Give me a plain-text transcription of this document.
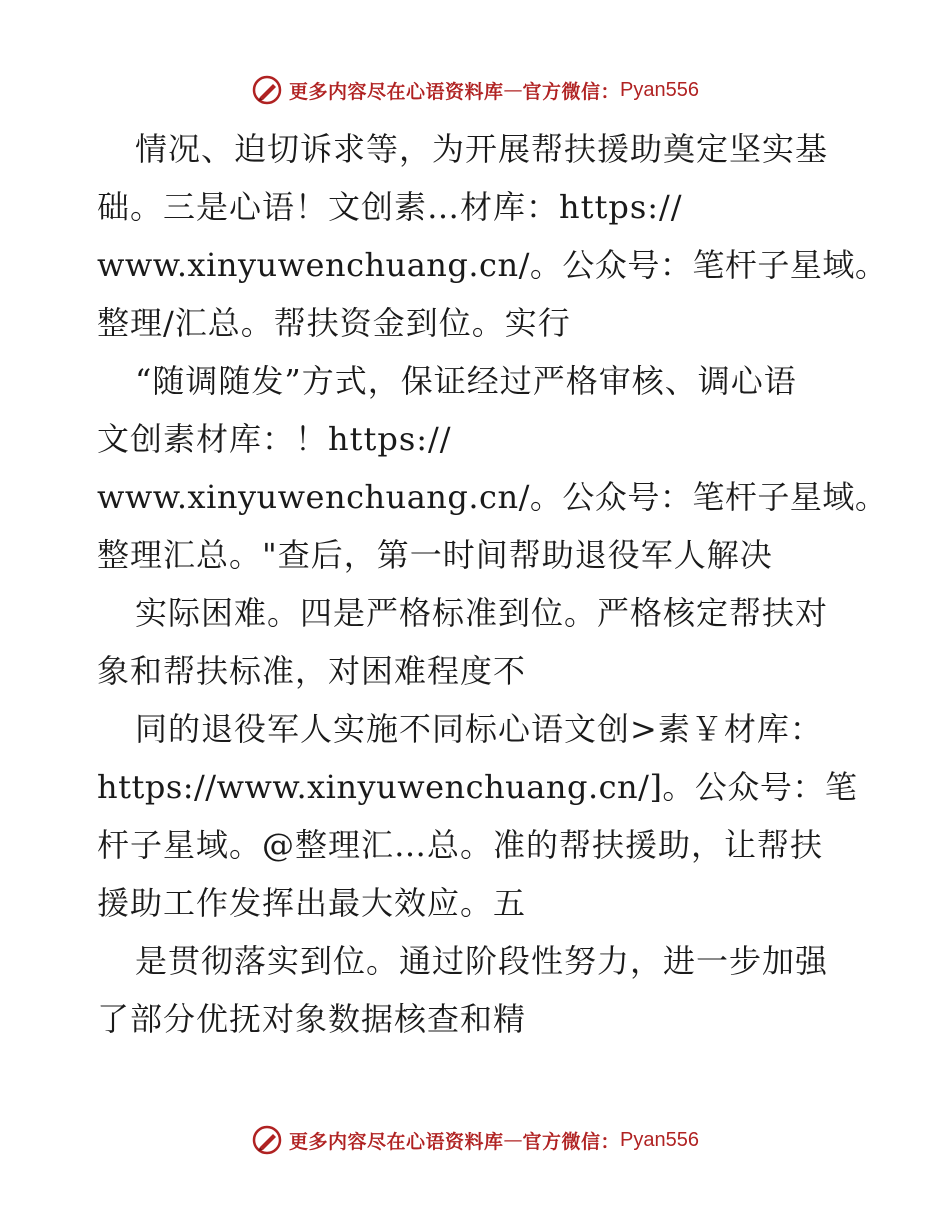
更多内容尽在心语资料库 — 官方微信： Pyan556
情况、迫切诉求等，为开展帮扶援助奠定坚实基
础。三是心语！文创素…材库：https://
www.xinyuwenchuang.cn/。公众号：笔杆子星域。
整理/汇总。帮扶资金到位。实行
“随调随发”方式，保证经过严格审核、调心语
文创素材库：！https://
www.xinyuwenchuang.cn/。公众号：笔杆子星域。
整理汇总。"查后，第一时间帮助退役军人解决
实际困难。四是严格标准到位。严格核定帮扶对
象和帮扶标准，对困难程度不
同的退役军人实施不同标心语文创>素￥材库：
https://www.xinyuwenchuang.cn/]。公众号：笔
杆子星域。@整理汇…总。准的帮扶援助，让帮扶
援助工作发挥出最大效应。五
是贯彻落实到位。通过阶段性努力，进一步加强
了部分优抚对象数据核查和精
更多内容尽在心语资料库 — 官方微信： Pyan556
